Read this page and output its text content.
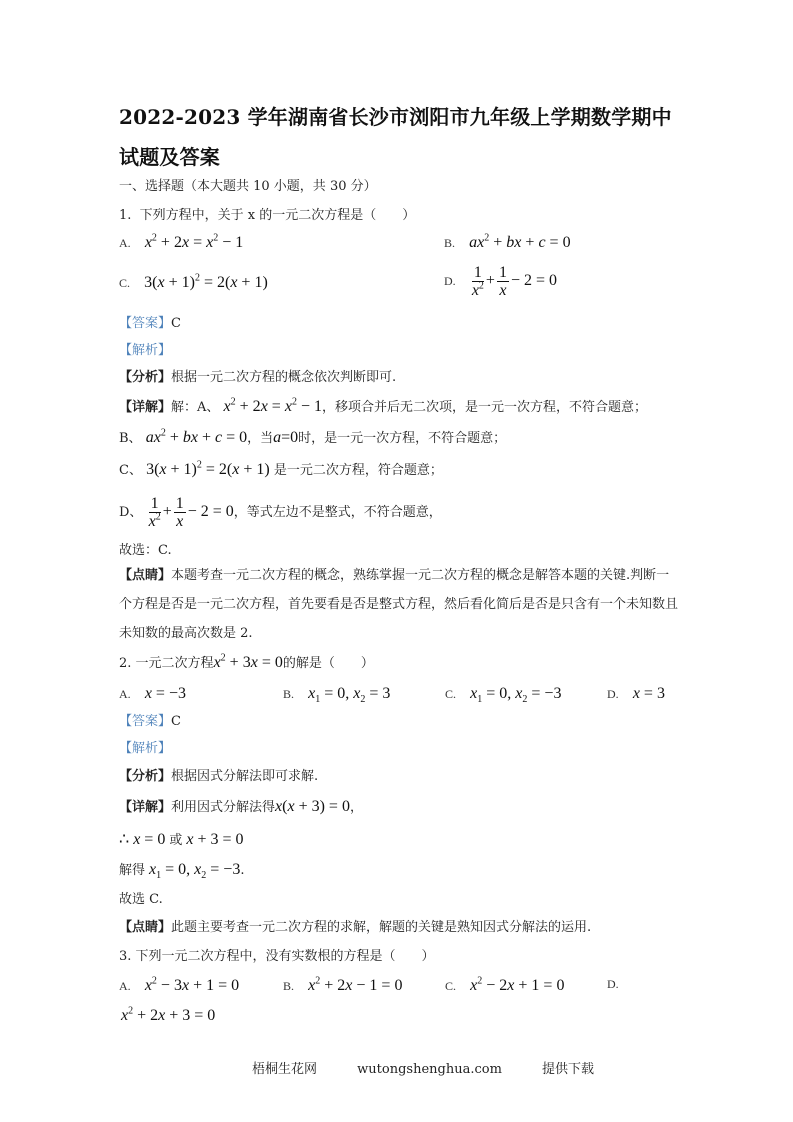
2022-2023 学年湖南省长沙市浏阳市九年级上学期数学期中
试题及答案
一、选择题（本大题共 10 小题，共 30 分）
1. 下列方程中，关于 x 的一元二次方程是（　　）
A. $x^2 + 2x = x^2 - 1$	B. $ax^2$ + bx + c = 0
C. $3(x + 1)^2 = 2(x + 1)$	D. $\frac{1}{x^2} + \frac{1}{x} - 2 = 0$
【答案】C
【解析】
【分析】根据一元二次方程的概念依次判断即可.
【详解】解：A、 $x^2 + 2x = x^2 - 1$，移项合并后无二次项，是一元一次方程，不符合题意；
B、 $ax^2$ + bx + c = 0，当a=0时，是一元一次方程，不符合题意；
C、 $3(x + 1)^2 = 2(x + 1)$ 是一元二次方程，符合题意；
D、 $\frac{1}{x^2} + \frac{1}{x} - 2 = 0$，等式左边不是整式，不符合题意，
故选：C.
【点睛】本题考查一元二次方程的概念，熟练掌握一元二次方程的概念是解答本题的关键.判断一个方程是否是一元二次方程，首先要看是否是整式方程，然后看化简后是否是只含有一个未知数且未知数的最高次数是 2.
2. 一元二次方程$x^2 + 3x = 0$的解是（　　）
A. x = −3	B. $x_1 = 0$, $x_2 = 3$	C. $x_1 = 0$, $x_2 = -3$	D. x = 3
【答案】C
【解析】
【分析】根据因式分解法即可求解.
【详解】利用因式分解法得x(x + 3) = 0，
∴ x = 0 或 x + 3 = 0
解得 $x_1 = 0$, $x_2 = -3$.
故选 C.
【点睛】此题主要考查一元二次方程的求解，解题的关键是熟知因式分解法的运用.
3. 下列一元二次方程中，没有实数根的方程是（　　）
A. $x^2 - 3x + 1 = 0$	B. $x^2 + 2x - 1 = 0$	C. $x^2 - 2x + 1 = 0$	D.
$x^2 + 2x + 3 = 0$
梧桐生花网	wutongshenghua.com	提供下载
